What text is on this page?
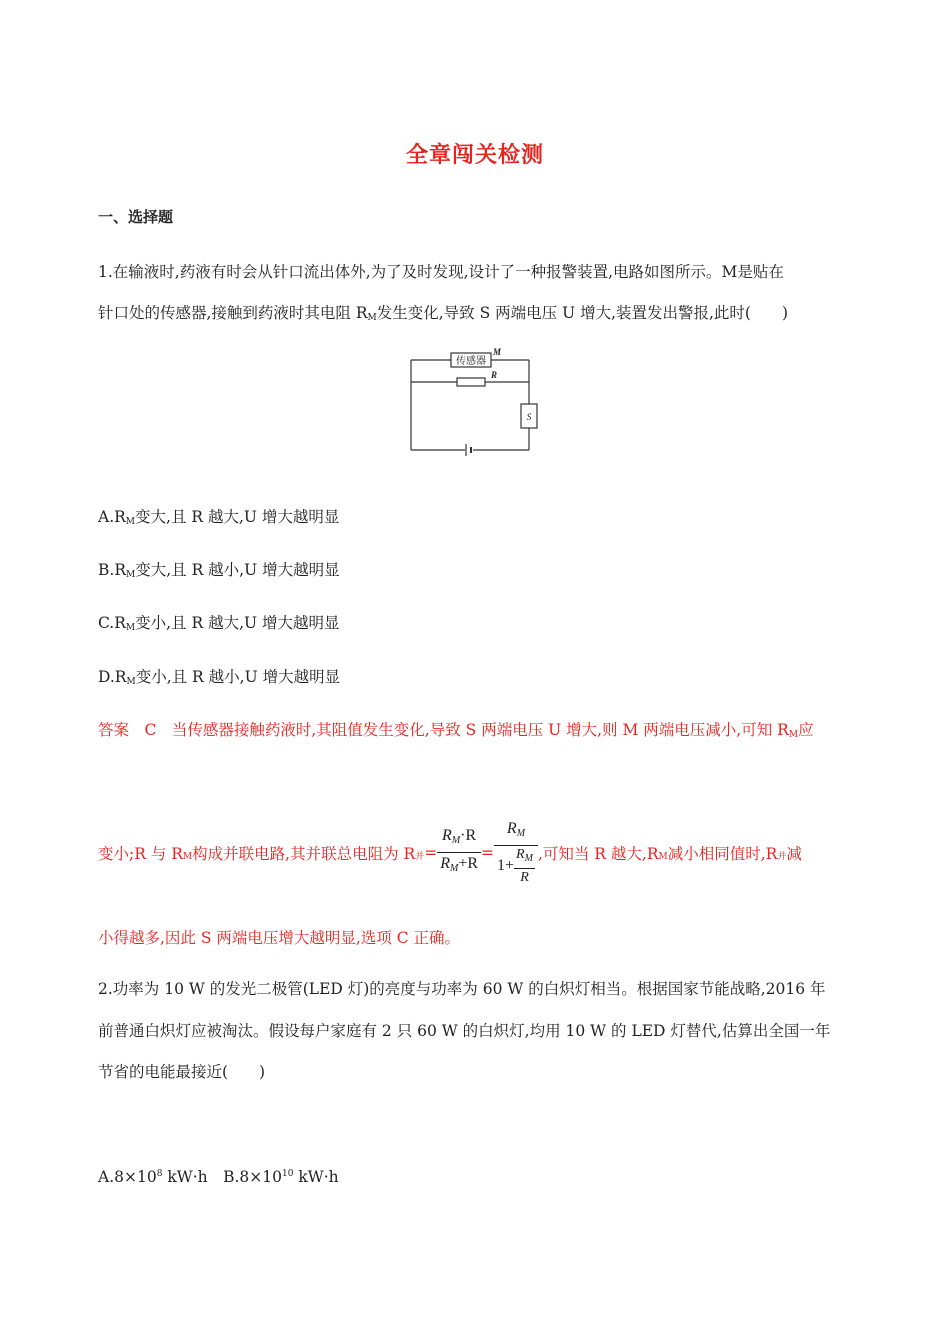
全章闯关检测
一、选择题
1.在输液时,药液有时会从针口流出体外,为了及时发现,设计了一种报警装置,电路如图所示。M是贴在
针口处的传感器,接触到药液时其电阻 $R_M$发生变化,导致 S 两端电压 U 增大,装置发出警报,此时(　　)
传感器
M
R
S
$A.R_M$变大,且 R 越大,U 增大越明显
$B.R_M$变大,且 R 越小,U 增大越明显
$C.R_M$变小,且 R 越大,U 增大越明显
$D.R_M$变小,且 R 越小,U 增大越明显
答案　C　当传感器接触药液时,其阻值发生变化,导致 S 两端电压 U 增大,则 M 两端电压减小,可知 $R_M$应
变小;R 与 $R_M$构成并联电路,其并联总电阻为 $R_并= \frac{RM\cdot R}{RM+R} = \frac{RM}{1+ \frac{R_M}{R}}$ ,可知当 R 越大$,R_M$减小相同值时$,R_并$减
小得越多,因此 S 两端电压增大越明显,选项 C 正确。
2.功率为 10 W 的发光二极管(LED 灯)的亮度与功率为 60 W 的白炽灯相当。根据国家节能战略,2016 年
前普通白炽灯应被淘汰。假设每户家庭有 2 只 60 W 的白炽灯,均用 10 W 的 LED 灯替代,估算出全国一年
节省的电能最接近(　　)
$A.8\times 10^8$ kW·h　$B.8\times 10^{10}$ kW·h
